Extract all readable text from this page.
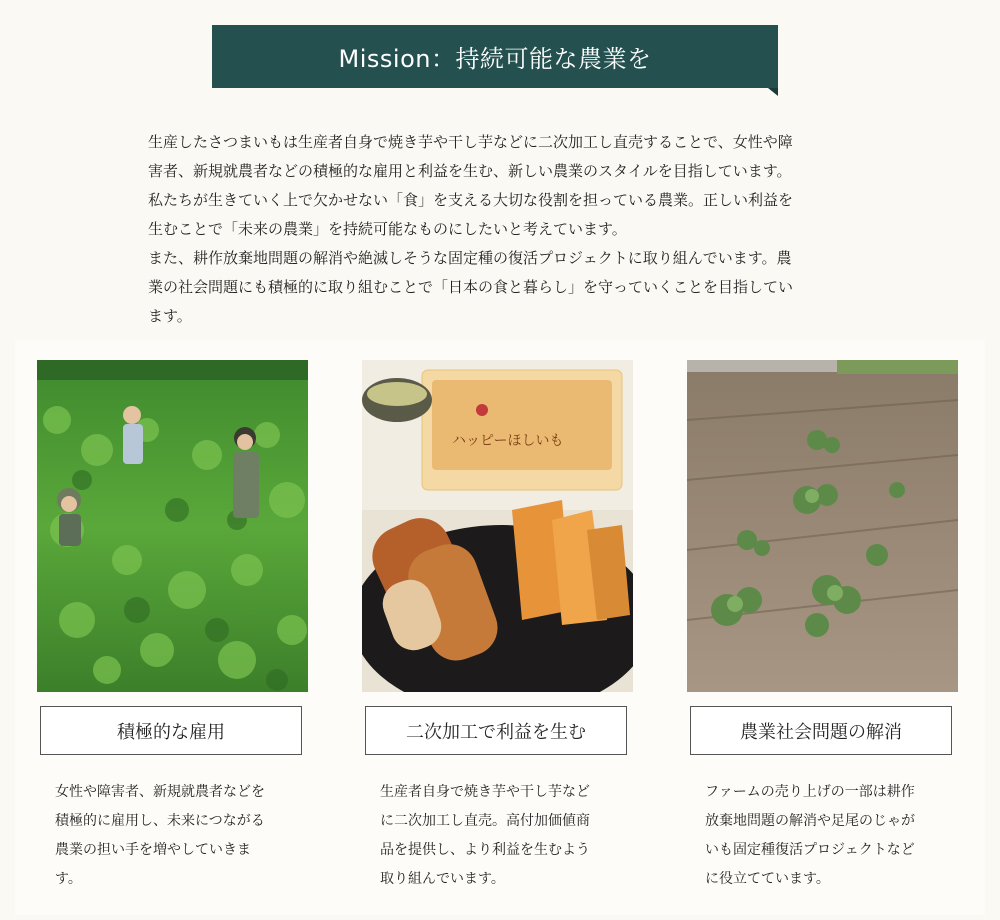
Mission：持続可能な農業を

生産したさつまいもは生産者自身で焼き芋や干し芋などに二次加工し直売することで、女性や障

害者、新規就農者などの積極的な雇用と利益を生む、新しい農業のスタイルを目指しています。

私たちが生きていく上で欠かせない「食」を支える大切な役割を担っている農業。正しい利益を

生むことで「未来の農業」を持続可能なものにしたいと考えています。

また、耕作放棄地問題の解消や絶滅しそうな固定種の復活プロジェクトに取り組んでいます。農

業の社会問題にも積極的に取り組むことで「日本の食と暮らし」を守っていくことを目指してい

ます。

積極的な雇用
女性や障害者、新規就農者などを
積極的に雇用し、未来につながる
農業の担い手を増やしていきま
す。
ハッピーほしいも
二次加工で利益を生む
生産者自身で焼き芋や干し芋など
に二次加工し直売。高付加価値商
品を提供し、より利益を生むよう
取り組んでいます。
農業社会問題の解消
ファームの売り上げの一部は耕作
放棄地問題の解消や足尾のじゃが
いも固定種復活プロジェクトなど
に役立てています。
